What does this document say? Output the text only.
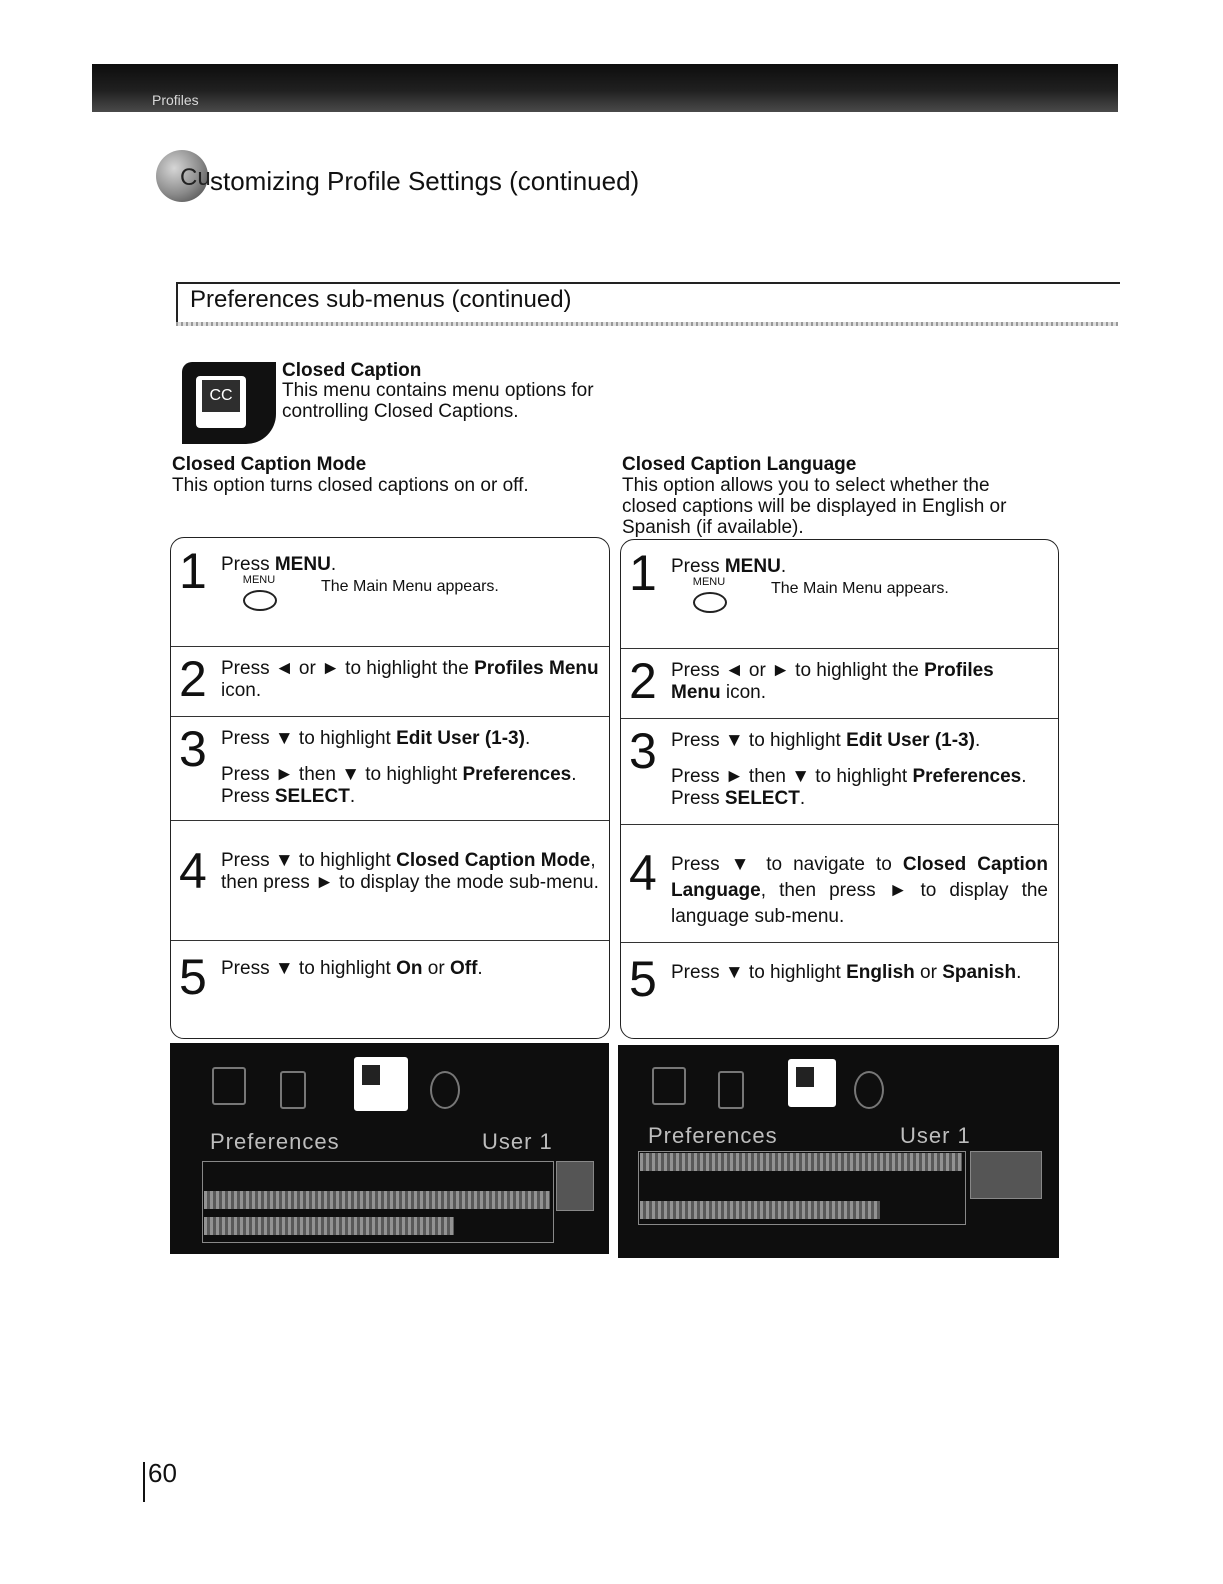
Profiles
Cu stomizing Profile Settings (continued)
Preferences sub-menus (continued)
CC
Closed Caption
This menu contains menu options for controlling Closed Captions.
Closed Caption Mode
This option turns closed captions on or off.
Closed Caption Language
This option allows you to select whether the closed captions will be displayed in English or Spanish (if available).
1 Press MENU.
MENU	The Main Menu appears.
2 Press ◄ or ► to highlight the Profiles Menu icon.
3 Press ▼ to highlight Edit User (1-3).
Press ► then ▼ to highlight Preferences.
Press SELECT.
4 Press ▼ to highlight Closed Caption Mode, then press ► to display the mode sub-menu.
5 Press ▼ to highlight On or Off.
1 Press MENU.
MENU	The Main Menu appears.
2 Press ◄ or ► to highlight the Profiles Menu icon.
3 Press ▼ to highlight Edit User (1-3).
Press ► then ▼ to highlight Preferences.
Press SELECT.
4 Press ▼ to navigate to Closed Caption Language, then press ► to display the language sub-menu.
5 Press ▼ to highlight English or Spanish.
Preferences	User 1	Preferences	User 1
60
